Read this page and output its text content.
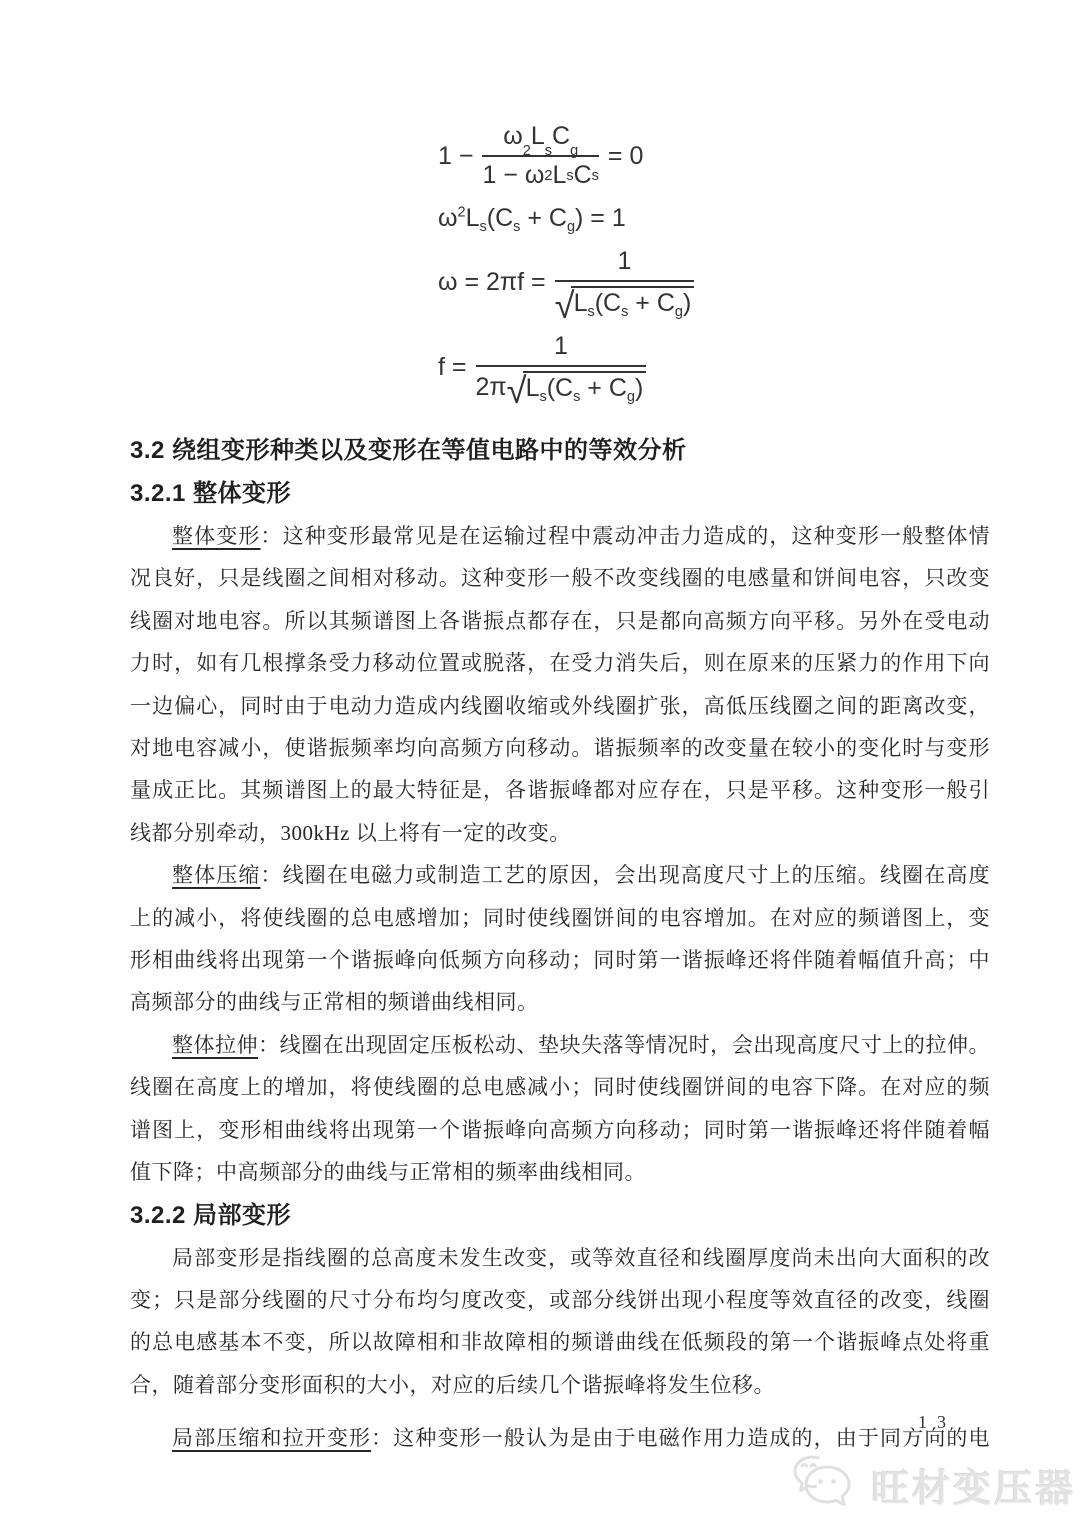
1 − ω
2
L
s
C
g
1 − ω 2 L s C s = 0
$\omega^2L_s(C_s + C_g) = 1$
$\omega = 2\pi f = \frac{1}{√ L_s(C_s + C_g)}$
$f = \frac{1}{2\pi √ L_s(C_s + C_g)}$
3.2 绕组变形种类以及变形在等值电路中的等效分析
3.2.1 整体变形
整体变形：这种变形最常见是在运输过程中震动冲击力造成的，这种变形一般整体情
况良好，只是线圈之间相对移动。这种变形一般不改变线圈的电感量和饼间电容，只改变
线圈对地电容。所以其频谱图上各谐振点都存在，只是都向高频方向平移。另外在受电动
力时，如有几根撑条受力移动位置或脱落，在受力消失后，则在原来的压紧力的作用下向
一边偏心，同时由于电动力造成内线圈收缩或外线圈扩张，高低压线圈之间的距离改变，
对地电容减小，使谐振频率均向高频方向移动。谐振频率的改变量在较小的变化时与变形
量成正比。其频谱图上的最大特征是，各谐振峰都对应存在，只是平移。这种变形一般引
线都分别牵动，300kHz 以上将有一定的改变。
整体压缩：线圈在电磁力或制造工艺的原因，会出现高度尺寸上的压缩。线圈在高度
上的减小，将使线圈的总电感增加；同时使线圈饼间的电容增加。在对应的频谱图上，变
形相曲线将出现第一个谐振峰向低频方向移动；同时第一谐振峰还将伴随着幅值升高；中
高频部分的曲线与正常相的频谱曲线相同。
整体拉伸：线圈在出现固定压板松动、垫块失落等情况时，会出现高度尺寸上的拉伸。
线圈在高度上的增加，将使线圈的总电感减小；同时使线圈饼间的电容下降。在对应的频
谱图上，变形相曲线将出现第一个谐振峰向高频方向移动；同时第一谐振峰还将伴随着幅
值下降；中高频部分的曲线与正常相的频率曲线相同。
3.2.2 局部变形
局部变形是指线圈的总高度未发生改变，或等效直径和线圈厚度尚未出向大面积的改
变；只是部分线圈的尺寸分布均匀度改变，或部分线饼出现小程度等效直径的改变，线圈
的总电感基本不变，所以故障相和非故障相的频谱曲线在低频段的第一个谐振峰点处将重
合，随着部分变形面积的大小，对应的后续几个谐振峰将发生位移。
局部压缩和拉开变形：这种变形一般认为是由于电磁作用力造成的，由于同方向的电
13
旺材变压器
